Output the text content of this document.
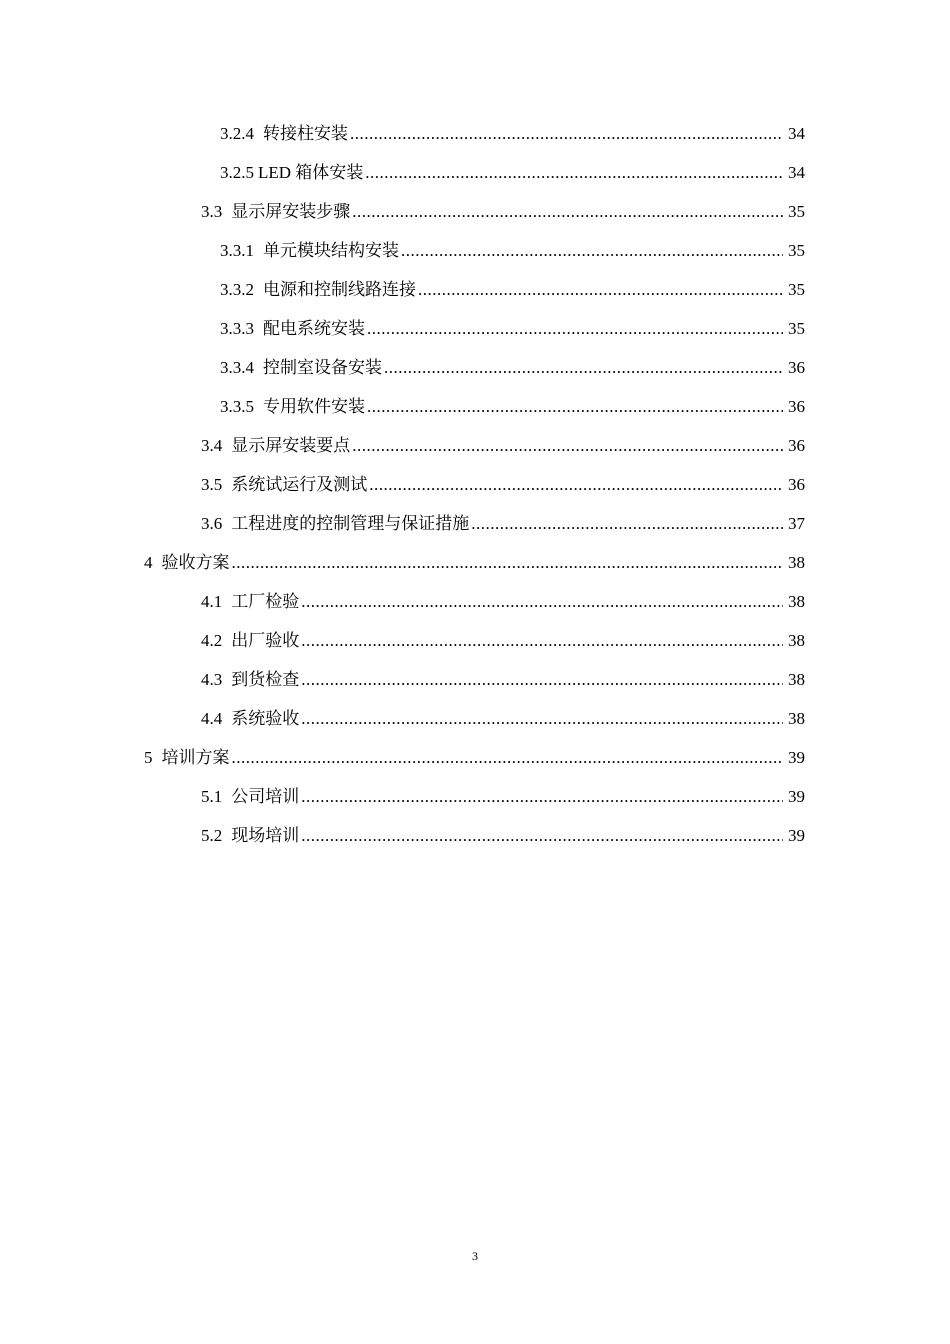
3.2.4 转接柱安装 .....	34
3.2.5 LED 箱体安装 .....	34
3.3 显示屏安装步骤 .....	35
3.3.1 单元模块结构安装 .....	35
3.3.2 电源和控制线路连接 .....	35
3.3.3 配电系统安装 .....	35
3.3.4 控制室设备安装 .....	36
3.3.5 专用软件安装 .....	36
3.4 显示屏安装要点 .....	36
3.5 系统试运行及测试 .....	36
3.6 工程进度的控制管理与保证措施 .....	37
4 验收方案 .....	38
4.1 工厂检验 .....	38
4.2 出厂验收 .....	38
4.3 到货检查 .....	38
4.4 系统验收 .....	38
5 培训方案 .....	39
5.1 公司培训 .....	39
5.2 现场培训 .....	39
3
